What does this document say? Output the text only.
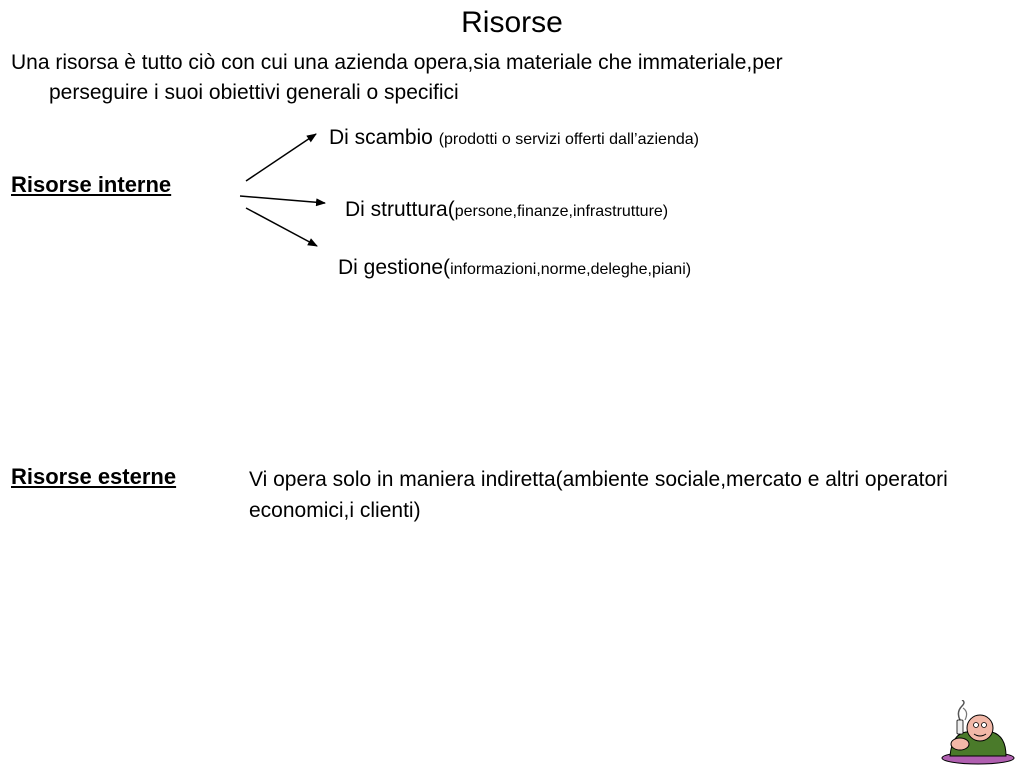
Risorse
Una risorsa è tutto ciò con cui una azienda opera,sia materiale che immateriale,per
perseguire i suoi obiettivi generali o specifici
Risorse interne
Di scambio (prodotti o servizi offerti dall’azienda)
Di struttura(persone,finanze,infrastrutture)
Di gestione(informazioni,norme,deleghe,piani)
Risorse esterne	Vi opera solo in maniera indiretta(ambiente sociale,mercato e altri operatori economici,i clienti)
